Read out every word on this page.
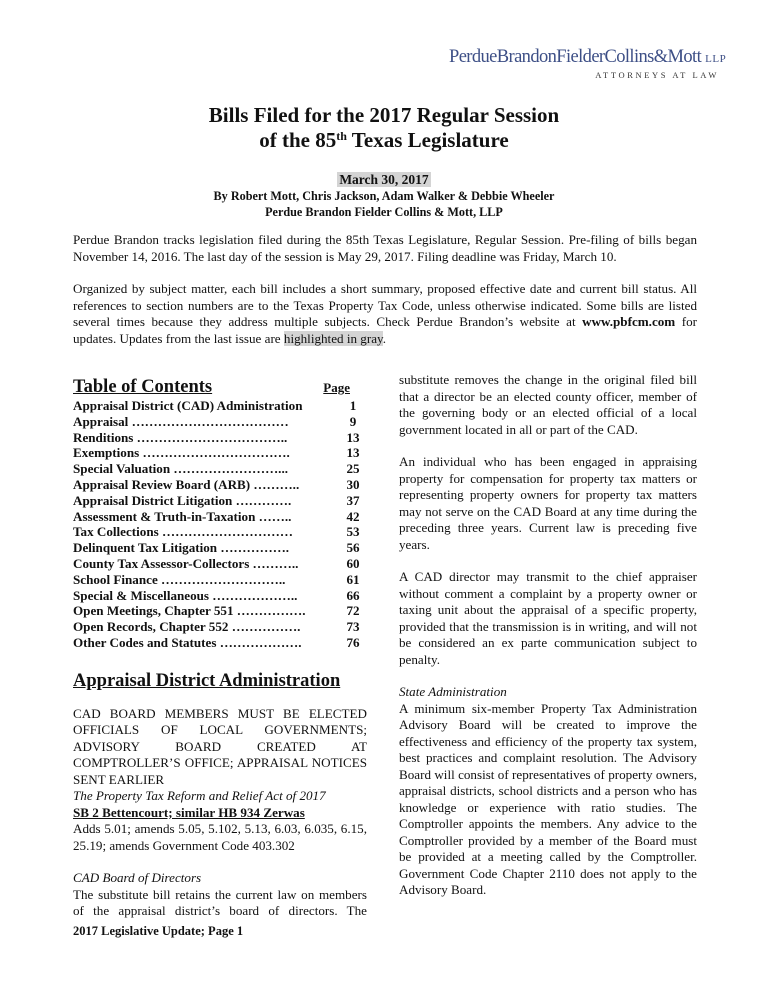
PerdueBrandonFielderCollins&Mott LLP
ATTORNEYS AT LAW
Bills Filed for the 2017 Regular Session
of the 85th Texas Legislature
March 30, 2017
By Robert Mott, Chris Jackson, Adam Walker & Debbie Wheeler
Perdue Brandon Fielder Collins & Mott, LLP

Perdue Brandon tracks legislation filed during the 85th Texas Legislature, Regular Session. Pre-filing of bills began November 14, 2016. The last day of the session is May 29, 2017. Filing deadline was Friday, March 10.

Organized by subject matter, each bill includes a short summary, proposed effective date and current bill status. All references to section numbers are to the Texas Property Tax Code, unless otherwise indicated. Some bills are listed several times because they address multiple subjects. Check Perdue Brandon’s website at www.pbfcm.com for updates. Updates from the last issue are highlighted in gray.

Table of Contents	Page
Appraisal District (CAD) Administration	1
Appraisal ………………………………	9
Renditions ……………………………..	13
Exemptions …………………………….	13
Special Valuation ……………………...	25
Appraisal Review Board (ARB) ………..	30
Appraisal District Litigation ………….	37
Assessment & Truth-in-Taxation ……..	42
Tax Collections …………………………	53
Delinquent Tax Litigation …………….	56
County Tax Assessor-Collectors ………..	60
School Finance ………………………..	61
Special & Miscellaneous ………………..	66
Open Meetings, Chapter 551 …………….	72
Open Records, Chapter 552 …………….	73
Other Codes and Statutes ……………….	76
Appraisal District Administration
CAD BOARD MEMBERS MUST BE ELECTED OFFICIALS OF LOCAL GOVERNMENTS; ADVISORY BOARD CREATED AT COMPTROLLER’S OFFICE; APPRAISAL NOTICES SENT EARLIER
The Property Tax Reform and Relief Act of 2017
SB 2 Bettencourt; similar HB 934 Zerwas

Adds 5.01; amends 5.05, 5.102, 5.13, 6.03, 6.035, 6.15, 25.19; amends Government Code 403.302

CAD Board of Directors

The substitute bill retains the current law on members of the appraisal district’s board of directors. The

substitute removes the change in the original filed bill that a director be an elected county officer, member of the governing body or an elected official of a local government located in all or part of the CAD.

An individual who has been engaged in appraising property for compensation for property tax matters or representing property owners for property tax matters may not serve on the CAD Board at any time during the preceding three years. Current law is preceding five years.

A CAD director may transmit to the chief appraiser without comment a complaint by a property owner or taxing unit about the appraisal of a specific property, provided that the transmission is in writing, and will not be considered an ex parte communication subject to penalty.

State Administration

A minimum six-member Property Tax Administration Advisory Board will be created to improve the effectiveness and efficiency of the property tax system, best practices and complaint resolution. The Advisory Board will consist of representatives of property owners, appraisal districts, school districts and a person who has knowledge or experience with ratio studies. The Comptroller appoints the members. Any advice to the Comptroller provided by a member of the Board must be provided at a meeting called by the Comptroller. Government Code Chapter 2110 does not apply to the Advisory Board.

2017 Legislative Update; Page 1
